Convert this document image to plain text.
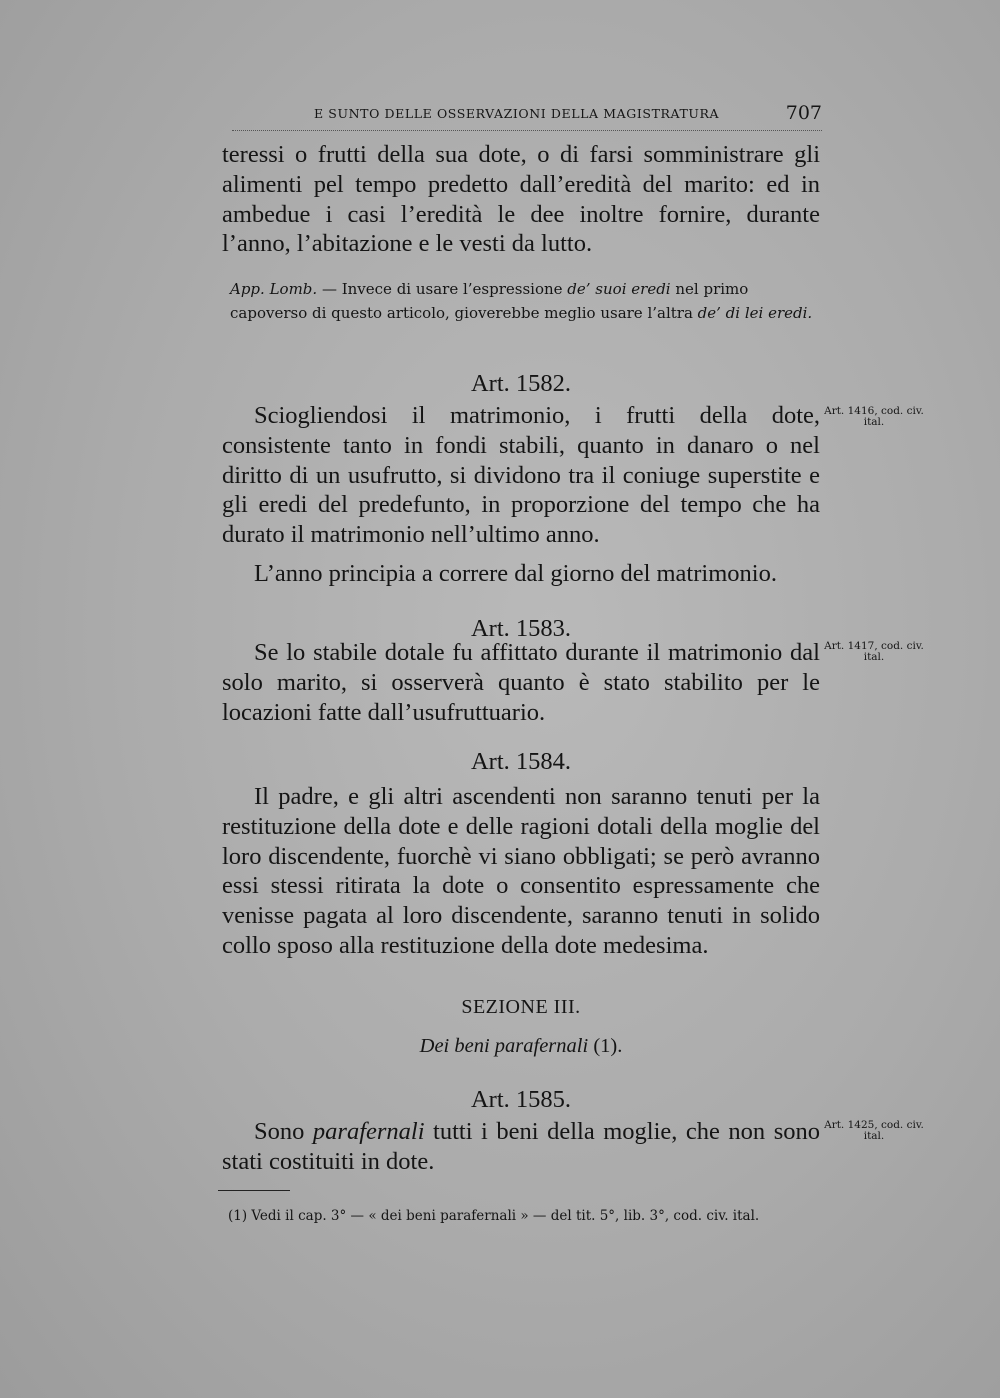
E SUNTO DELLE OSSERVAZIONI DELLA MAGISTRATURA	707

teressi o frutti della sua dote, o di farsi somministrare gli alimenti pel tempo predetto dall’eredità del marito: ed in ambedue i casi l’eredità le dee inoltre fornire, durante l’anno, l’abitazione e le vesti da lutto.

App. Lomb. — Invece di usare l’espressione de’ suoi eredi nel primo capoverso di questo articolo, gioverebbe meglio usare l’altra de’ di lei eredi.

Art. 1582.
Art. 1416, cod. civ. ital.

Sciogliendosi il matrimonio, i frutti della dote, consistente tanto in fondi stabili, quanto in danaro o nel diritto di un usufrutto, si dividono tra il coniuge superstite e gli eredi del predefunto, in proporzione del tempo che ha durato il matrimonio nell’ultimo anno.

L’anno principia a correre dal giorno del matrimonio.

Art. 1583.
Art. 1417, cod. civ. ital.

Se lo stabile dotale fu affittato durante il matrimonio dal solo marito, si osserverà quanto è stato stabilito per le locazioni fatte dall’usufruttuario.

Art. 1584.

Il padre, e gli altri ascendenti non saranno tenuti per la restituzione della dote e delle ragioni dotali della moglie del loro discendente, fuorchè vi siano obbligati; se però avranno essi stessi ritirata la dote o consentito espressamente che venisse pagata al loro discendente, saranno tenuti in solido collo sposo alla restituzione della dote medesima.

SEZIONE III.
Dei beni parafernali (1).
Art. 1585.
Art. 1425, cod. civ. ital.

Sono parafernali tutti i beni della moglie, che non sono stati costituiti in dote.

(1) Vedi il cap. 3° — « dei beni parafernali » — del tit. 5°, lib. 3°, cod. civ. ital.
